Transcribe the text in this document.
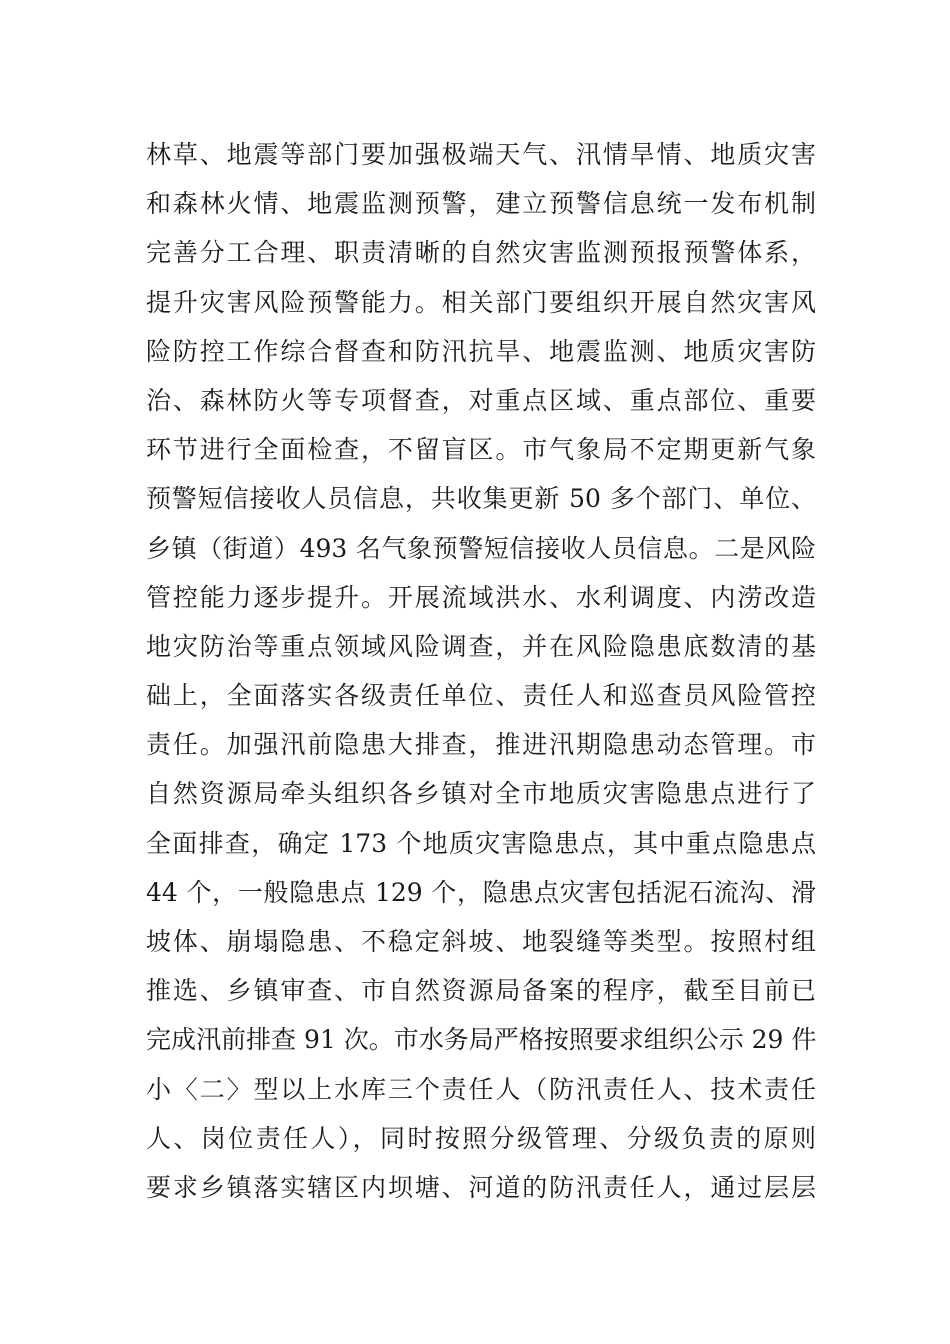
林草、地震等部门要加强极端天气、汛情旱情、地质灾害
和森林火情、地震监测预警，建立预警信息统一发布机制
完善分工合理、职责清晰的自然灾害监测预报预警体系，
提升灾害风险预警能力。相关部门要组织开展自然灾害风
险防控工作综合督查和防汛抗旱、地震监测、地质灾害防
治、森林防火等专项督查，对重点区域、重点部位、重要
环节进行全面检查，不留盲区。市气象局不定期更新气象
预警短信接收人员信息，共收集更新 50 多个部门、单位、
乡镇（街道）493 名气象预警短信接收人员信息。二是风险
管控能力逐步提升。开展流域洪水、水利调度、内涝改造
地灾防治等重点领域风险调查，并在风险隐患底数清的基
础上，全面落实各级责任单位、责任人和巡查员风险管控
责任。加强汛前隐患大排查，推进汛期隐患动态管理。市
自然资源局牵头组织各乡镇对全市地质灾害隐患点进行了
全面排查，确定 173 个地质灾害隐患点，其中重点隐患点
44 个，一般隐患点 129 个，隐患点灾害包括泥石流沟、滑
坡体、崩塌隐患、不稳定斜坡、地裂缝等类型。按照村组
推选、乡镇审查、市自然资源局备案的程序，截至目前已
完成汛前排查 91 次。市水务局严格按照要求组织公示 29 件
小〈二〉型以上水库三个责任人（防汛责任人、技术责任
人、岗位责任人），同时按照分级管理、分级负责的原则
要求乡镇落实辖区内坝塘、河道的防汛责任人，通过层层
